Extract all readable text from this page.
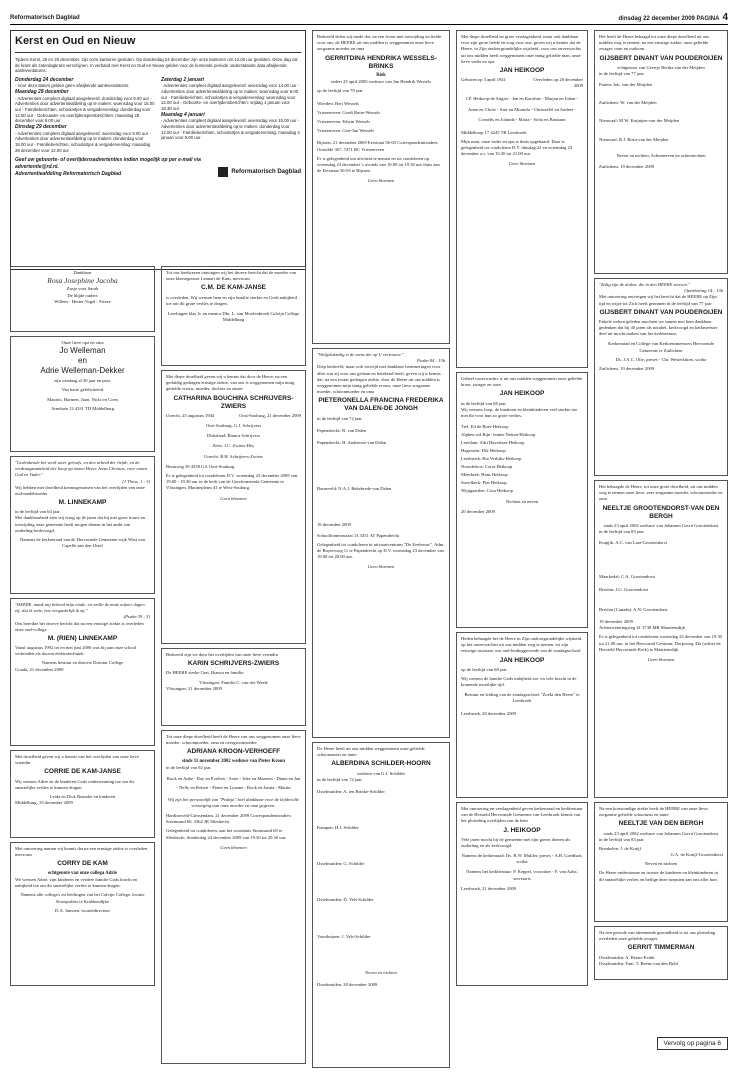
Reformatorisch Dagblad	dinsdag 22 december 2009 PAGINA 4
Kerst en Oud en Nieuw
Tijdens Kerst, 25 en 26 december, zijn onze kantoren gesloten. Op donderdag 24 december zijn onze kantoren om 12.00 uur gesloten. Deze dag zal de krant als zaterdagkrant verschijnen. In verband met Kerst en Oud en Nieuw gelden voor de komende periode onderstaande data afwijkende aanleverdatums:
Donderdag 24 december
- Voor deze datum gelden geen afwijkende aanleverdatums.
Maandag 28 december
- Advertenties compleet digitaal aangeleverd: donderdag voor 9.00 uur - Advertenties door advertentieafdeling op te maken: woensdag voor 15.00 uur - Familieberichten, schoolartjes & vergaderverslag: donderdag voor 12.00 uur - Gebouwde- en overlijdenspersberichten: maandag 28 december voor 9.00 uur
Dinsdag 29 december
- Advertenties compleet digitaal aangeleverd: woensdag voor 9.00 uur - Advertenties door advertentieafdeling op te maken: donderdag voor 15.00 uur - Familieberichten, schoolartjes & vergaderverslag: maandag 28 december voor 12.00 uur
Zaterdag 2 januari
- Advertenties compleet digitaal aangeleverd: woensdag voor 14.00 uur - Advertenties door advertentieafdeling op te maken: woensdag voor 9.00 uur - Familieberichten, schoolartjes & vergaderverslag: woensdag voor 12.00 uur - Geboorte- en overlijdensberichten: vrijdag 1 januari voor 18.30 uur
Maandag 4 januari
- Advertenties compleet digitaal aangeleverd: woensdag voor 15.00 uur - Advertenties door advertentieafdeling op te maken: donderdag voor 12.00 uur - Familieberichten, schoolartjes & vergaderverslag: maandag 4 januari voor 9.00 uur
Geef uw geboorte- of overlijdensadvertenties indien mogelijk op per e-mail via advertentie@rd.nl.
Advertentieafdeling Reformatorisch Dagblad	Reformatorisch Dagblad
Dankbaar
Rosa Josephine Jacoba
Zusje voor Sarah
De blijde ouders
Willem - Hester Vogel - Frieze
Onze lieve opa en oma
Jo Welleman
en
Adrie Welleman-Dekker
zijn vandaag al 30 jaar en paar.
Van harte gefeliciteerd
Maurits, Harmen, Juan, Nicla en Coen
Arnelaan 12 4331 TD Middelburg
"Gedenkende het werk uwer geloofs, en den arbeid der liefde, en de verdraagzaamheid der hoop op onzen Heere Jezus Christus, voor onzen God en Vader."
(1 Thess. 1 : 3)
Wij hebben met droefheid kennisgenomen van het overlijden van onze oud-medebroeder
M. LINNEKAMP
in de leeftijd van 64 jaar.
Met dankbaarheid zien wij terug op de jaren dat hij met grote trouw en toewijding onze gemeente heeft mogen dienen in het ambt van ouderling-kerkvoogd.
Namens de kerkenraad van de Hervormde Gemeente-wijk West van Capelle aan den IJssel
"HEERE, maak mij bekend mijn einde, en welke de mate mijner dagen zij; dat ik wete, hoe vergankelijk ik zij."
(Psalm 39 : 5)
Ons bereikte het droeve bericht dat na een ernstige ziekte is overleden onze oud-collega
M. (RIEN) LINNEKAMP
Vanaf augustus 1992 tot en met juni 2006 was hij aan onze school verbonden als docent elektrotechniek.
Namens bestuur en directie Driestar College
Gouda, 21 december 2009
Met droefheid geven wij u kennis van het overlijden van onze lieve vriendin
CORRIE DE KAM-JANSE
Wij wensen Adrie en de kinderen Gods ondersteuning toe om dit smartelijke verlies te kunnen dragen.
Leida en Dick Beunder en kinderen
Middelburg, 19 december 2009
Met ontroering namen wij kennis dat na een ernstige ziekte is overleden mevrouw
CORRY DE KAM
echtgenote van onze collega Adrie
We wensen Adrie, zijn kinderen en verdere familie Gods kracht en nabijheid toe om dit smartelijke verlies te kunnen dragen.
Namens alle collega's en leerlingen van het Calvijn College, locatie Kruispolder te Krabbendijke
D.A. Janssen, locatiedirecteur
Tot ons leedwezen ontvingen wij het droeve bericht dat de moeder van onze klassegenoot Lennart de Kam, mevrouw
C.M. DE KAM-JANSE
is overleden. Wij wensen hem en zijn familie sterkte en Gods nabijheid toe om dit grote verlies te dragen.
Leerlingen klas 3c en mentor Dhr. L. van Moolenbroek Calvijn College Middelburg
Met diepe droefheid geven wij u kennis dat door de Heere, na een geduldig gedragen ernstige ziekte, van ons is weggenomen mijn innig geliefde vrouw, moeder, dochter en zuster
CATHARINA BOUCHINA SCHRIJVERS-ZWIERS
Utrecht, 25 augustus 1944	Oost-Souburg, 21 december 2009
Oost-Souburg: G.J. Schrijvers
Dirksland: Bianca Schrijvers
Zeist: J.C. Zwiers-Hey
Utrecht: B.H. Schrijvers-Zwiers
Bermweg 39 4358 GA Oost-Souburg
Er is gelegenheid tot condoleren D.V. woensdag 23 december 2009 van 19.00 - 19.30 uur in de kerk van de Gereformeerde Gemeente te Vlissingen, Marinepleim 41 te West-Souburg.
Geen bloemen
Bedroefd zijn we door het overlijden van onze lieve vriendin
KARIN SCHRIJVERS-ZWIERS
De HEERE sterke Gert, Bianca en familie.
Vlissingen: Familie C. van der Weele
Vlissingen, 21 december 2009
Tot onze diepe droefheid heeft de Heere van ons weggenomen onze lieve moeder, schoonmoeder, oma en overgrootmoeder
ADRIANA KROON-VERHOEFF
sinds 11 november 2002 weduwe van Pieter Kroon
in de leeftijd van 92 jaar.
Rook en Anke - Ray en Evelien - Aster - Joke en Maarten - Diana en Jan - Nelly en Robert - Pieter en Lyanne - Rook en Janita - Martin
Wij zijn het persoonlijk van "Pedaja" heel dankbaar voor de liefdevolle verzorging aan onze moeder en oma gegeven.
Hardinxveld-Giessendam, 21 december 2009 Correspondentieadres: Stormsand 60, 3362 JK Sliedrecht
Gelegenheid tot condoleren, aan het woonhuis Stormsand 60 te Sliedrecht, donderdag 24 december 2009 van 19.30 tot 20.30 uur.
Geen bloemen
Bedroefd delen wij mede dat, na een leven met toewijding en liefde voor ons, de HEERE uit ons midden is weggenomen onze lieve zorgzame moeder en oma
GERRITDINA HENDRIKA WESSELS-BRINKS
Riek
sedert 25 april 2005 weduwe van Jan Hendrik Wessels
op de leeftijd van 70 jaar.
Wierden: Bert Wessels
Vriezenveen: Gerdi Rutte-Wessels
Vriezenveen: Edwin Wessels
Vriezenveen: Gert-Jan Wessels
Rijssen, 21 december 2009 Eerstraat 56-03 Correspondentieadres: Oostelde 367, 7471 BC Vriezenveen
Er is gelegenheid om afscheid te nemen en tot condoleren op woensdag 23 december 's avonds van 19.00 tot 19.30 uur thuis aan de Eerstraat 56-03 te Rijssen.
Geen bloemen
"Welgelukzalig is de mens die op U vertrouwt."
Psalm 84 : 13b
Diep bedroefd, maar ook verwijd met dankbare herinneringen voor alles wat zij voor ons gedaan en betekend heeft, geven wij u kennis dat, na een zwaar gedragen ziekte, door de Heere uit ons midden is weggenomen mijn innig geliefde vrouw, onze lieve zorgzame moeder, schoonmoeder en oma
PIETERONELLA FRANCINA FREDERIKA VAN DALEN-DE JONGH
in de leeftijd van 72 jaar.
Papendrecht: B. van Dalen
Papendrecht: H. Andriesse-van Dalen
Barneveld: N.A.J. Bekebrede-van Dalen
19 december 2009
Schoolfonteinstraat 13 3351 AT Papendrecht
Gelegenheid tot condoleren in uitvaartcentrum "De Zeeleeuw", Adm. de Ruyterweg 11 te Papendrecht op D.V. woensdag 23 december van 19.00 tot 20.00 uur.
Geen bloemen
De Heere heeft uit ons midden weggenomen onze geliefde schoonzuster en tante
ALBERDINA SCHILDER-HOORN
weduwe van G.J. Schilder
in de leeftijd van 72 jaar.
IJsselmuiden: A. ten Brinke-Schilder
Kampen: H.J. Schilder
IJsselmuiden: G. Schilder
IJsselmuiden: D. Vels-Schilder
Voorthuizen: J. Vels-Schilder
Neven en nichten
IJsselmuiden, 20 december 2009
Met diepe droefheid en grote verslagenheid, maar ook dankbaar voor zijn grote liefde en zorg voor ons, geven wij u kennis dat de Heere, in Zijn ondoorgrondelijke wijsheid, voor ons onverwachts uit ons midden heeft weggenomen onze innig geliefde man, onze lieve vader en opa
JAN HEIKOOP
Geboren op 3 april 1941	Overleden op 20 december 2009
J.P. Heikoop-de Stigter - Jan en Karoline - Marjan en Johan - Anne en Christ - Aart en Miranda - Christoffel en Andrea - Cornelis en Jolanda - Maria - Sofia en Bastiaan
Middelkoop 17 4245 TR Leerbroek
Mijn man, onze vader en opa is thuis opgebaard. Daar is gelegenheid tot condoleren D.V. dinsdag 22 en woensdag 23 december a.s. van 19.30 tot 21.00 uur.
Geen bloemen
Geheel onverwachts is uit ons midden weggenomen onze geliefde broer, zwager en oom
JAN HEIKOOP
in de leeftijd van 68 jaar.
Wij wensen Joop, de kinderen en kleinkinderen veel sterkte toe met dit voor hun zo grote verlies.
Tiel: Ed de Boer-Heikoop
Alphen a/d Rijn: Jannie Netten-Heikoop
Leerdam: Adri Haverlaar-Heikoop
Hagestein: Dik Heikoop
Leerbroek: Ria Verlijks-Heikoop
Noordeloos: Corra Heikoop
Meerkerk: Hans Heikoop
Streefkerk: Piet Heikoop
Wijngaarden: Cora Heikoop
Nichten en neven
20 december 2009
Heden behaagde het de Heere in Zijn ondoorgrondelijke wijsheid, op het onverwachtst uit ons midden weg te nemen, tot zijn eeuwige ruststaat, ons oud-leidinggevende van de zondagsschool
JAN HEIKOOP
op de leeftijd van 68 jaar.
Wij wensen de familie Gods nabijheid toe, en vele kracht in de komende moeilijke tijd.
Bestuur en leiding van de zondagsschool "Zoekt den Heere" te Leerbroek
Leerbroek, 20 december 2009
Met ontroering en verslagenheid geven kerkenraad en kerkbestuur van de Hersteld Hervormde Gemeente van Leerbroek kennis van het plotseling overlijden van de heer
J. HEIKOOP
Vele jaren mocht hij de gemeente met zijn gaven dienen als ouderling en als kerkvoogd.
Namens de kerkenraad: Ds. B.W. Mulder, preses - A.B. Goedhart, scriba
Namens het kerkbestuur: P. Keppel, voorzitter - F. van Aalst, secretaris
Leerbroek, 21 december 2009
Het heeft de Heere behaagd tot onze diepe droefheid uit ons midden weg te nemen, na een ernstige ziekte, onze geliefde zwager, oom en oudoom
GIJSBERT DINANT VAN POUDEROIJEN
echtgenoot van Geertje Bertha van der Meijden
in de leeftijd van 77 jaar.
Putten: Joh. van der Meijden
Zuilichem: W. van der Meijden
Nieuwaal: M.W. Kuijntjes-van der Meijden
Nieuwaal: B.J. Roza-van der Meijden
Neven en nichten, Achterneven en achternichten
Zuilichem, 19 december 2009
"Zalig zijn de doden, die in den HEERE sterven."
Openbaring 14 : 13b
Met ontroering ontvingen wij het bericht dat de HEERE op Zijn tijd en wijze tot Zich heeft genomen in de leeftijd van 77 jaar
GIJSBERT DINANT VAN POUDEROIJEN
Enkele weken geleden mochten we samen met hem dankbaar gedenken dat hij 40 jaren als notabel, kerkvoogd en kerkmeester deel uit mocht maken van het kerkbestuur.
Kerkenraad en College van Kerkrentmeesters Hervormde Gemeente te Zuilichem
Ds. J.A.C. Olie, preses - Chr. Westerlaken, scriba
Zuilichem, 19 december 2009
Het behaagde de Heere, tot onze grote droefheid, uit ons midden weg te nemen onze lieve, zeer zorgzame moeder, schoonmoeder en oma
NEELTJE GROOTENDORST-VAN DEN BERGH
sinds 23 april 2002 weduwe van Johannes Gerrit Grootendorst
in de leeftijd van 83 jaar.
Krapjik: A.C. van Laar-Grootendorst
Maarkedal: C.A. Grootendorst
Breslau: J.G. Grootendorst
Breslau (Canada): A.N. Grootendorst
19 december 2009
Achterweteringweg 41 3738 MR Maartensdijk
Er is gelegenheid tot condoleren woensdag 23 december van 19.30 tot 21.00 uur, in het Hervormd Centrum, Dorpsweg 43a (achter de Hersteld Hervormde Kerk) te Maartensdijk.
Geen bloemen
Na een kortstondige ziekte heeft de HEERE van onze lieve, zorgzame geliefde schoonzus en tante
NEELTJE VAN DEN BERGH
sinds 23 april 2002 weduwe van Johannes Gerrit Grootendorst
in de leeftijd van 83 jaar.
Breukelen: J. de Kruijf
G.A. de Kruijf-Grootendorst
Neven en nichten
De Heere ondersteune en troeste de kinderen en kleinkinderen in dit smartelijke verlies en heilige deze ruepsten aan ons aller hart.
Na een periode van afnemende gezondheid is tot ons plotseling overleden onze geliefde zwager
GERRIT TIMMERMAN
IJsselmuiden: A. Beens-Evink
IJsselmuiden: Fam. T. Beens-van den Bold
Vervolg op pagina 6
